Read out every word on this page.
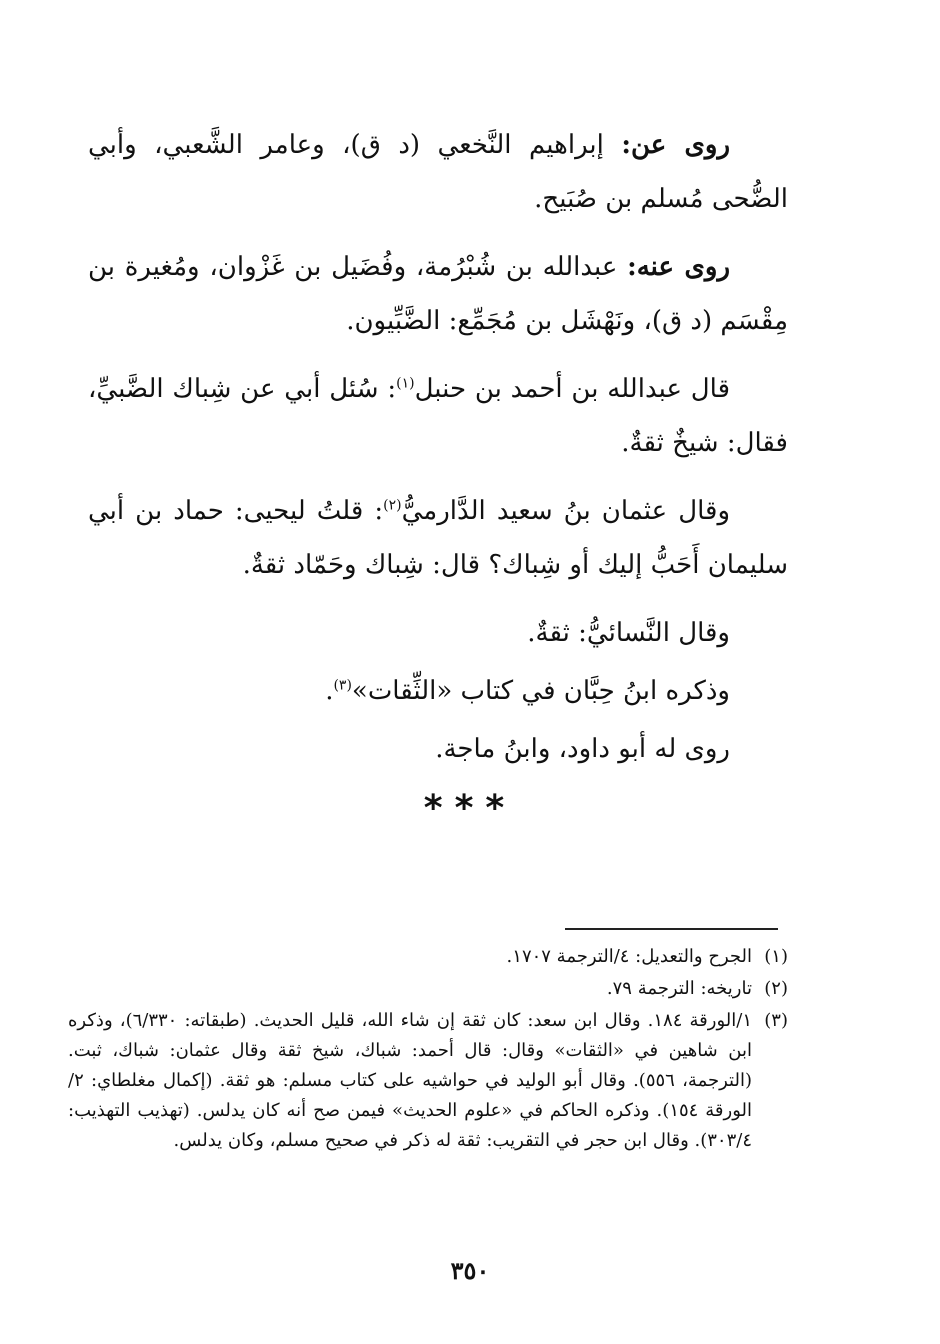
روى عن: إبراهيم النَّخعي (د ق)، وعامر الشَّعبي، وأبي الضُّحى مُسلم بن صُبَيح.

روى عنه: عبدالله بن شُبْرُمة، وفُضَيل بن غَزْوان، ومُغيرة بن مِقْسَم (د ق)، ونَهْشَل بن مُجَمِّع: الضَّبِّيون.

قال عبدالله بن أحمد بن حنبل$^{(١)}$: سُئل أبي عن شِباك الضَّبيِّ، فقال: شيخٌ ثقةٌ.

وقال عثمان بنُ سعيد الدَّارميُّ$^{(٢)}$: قلتُ ليحيى: حماد بن أبي سليمان أَحَبُّ إليك أو شِباك؟ قال: شِباك وحَمّاد ثقةٌ.

وقال النَّسائيُّ: ثقةٌ.

وذكره ابنُ حِبَّان في كتاب «الثِّقات»$^{(٣)}$.

روى له أبو داود، وابنُ ماجة.

***
(١)
الجرح والتعديل: ٤/الترجمة ١٧٠٧.
(٢)
تاريخه: الترجمة ٧٩.
(٣)
١/الورقة ١٨٤. وقال ابن سعد: كان ثقة إن شاء الله، قليل الحديث. (طبقاته: ٦/٣٣٠)، وذكره ابن شاهين في «الثقات» وقال: قال أحمد: شباك، شيخ ثقة وقال عثمان: شباك، ثبت. (الترجمة، ٥٥٦). وقال أبو الوليد في حواشيه على كتاب مسلم: هو ثقة. (إكمال مغلطاي: ٢/الورقة ١٥٤). وذكره الحاكم في «علوم الحديث» فيمن صح أنه كان يدلس. (تهذيب التهذيب: ٣٠٣/٤). وقال ابن حجر في التقريب: ثقة له ذكر في صحيح مسلم، وكان يدلس.
٣٥٠
